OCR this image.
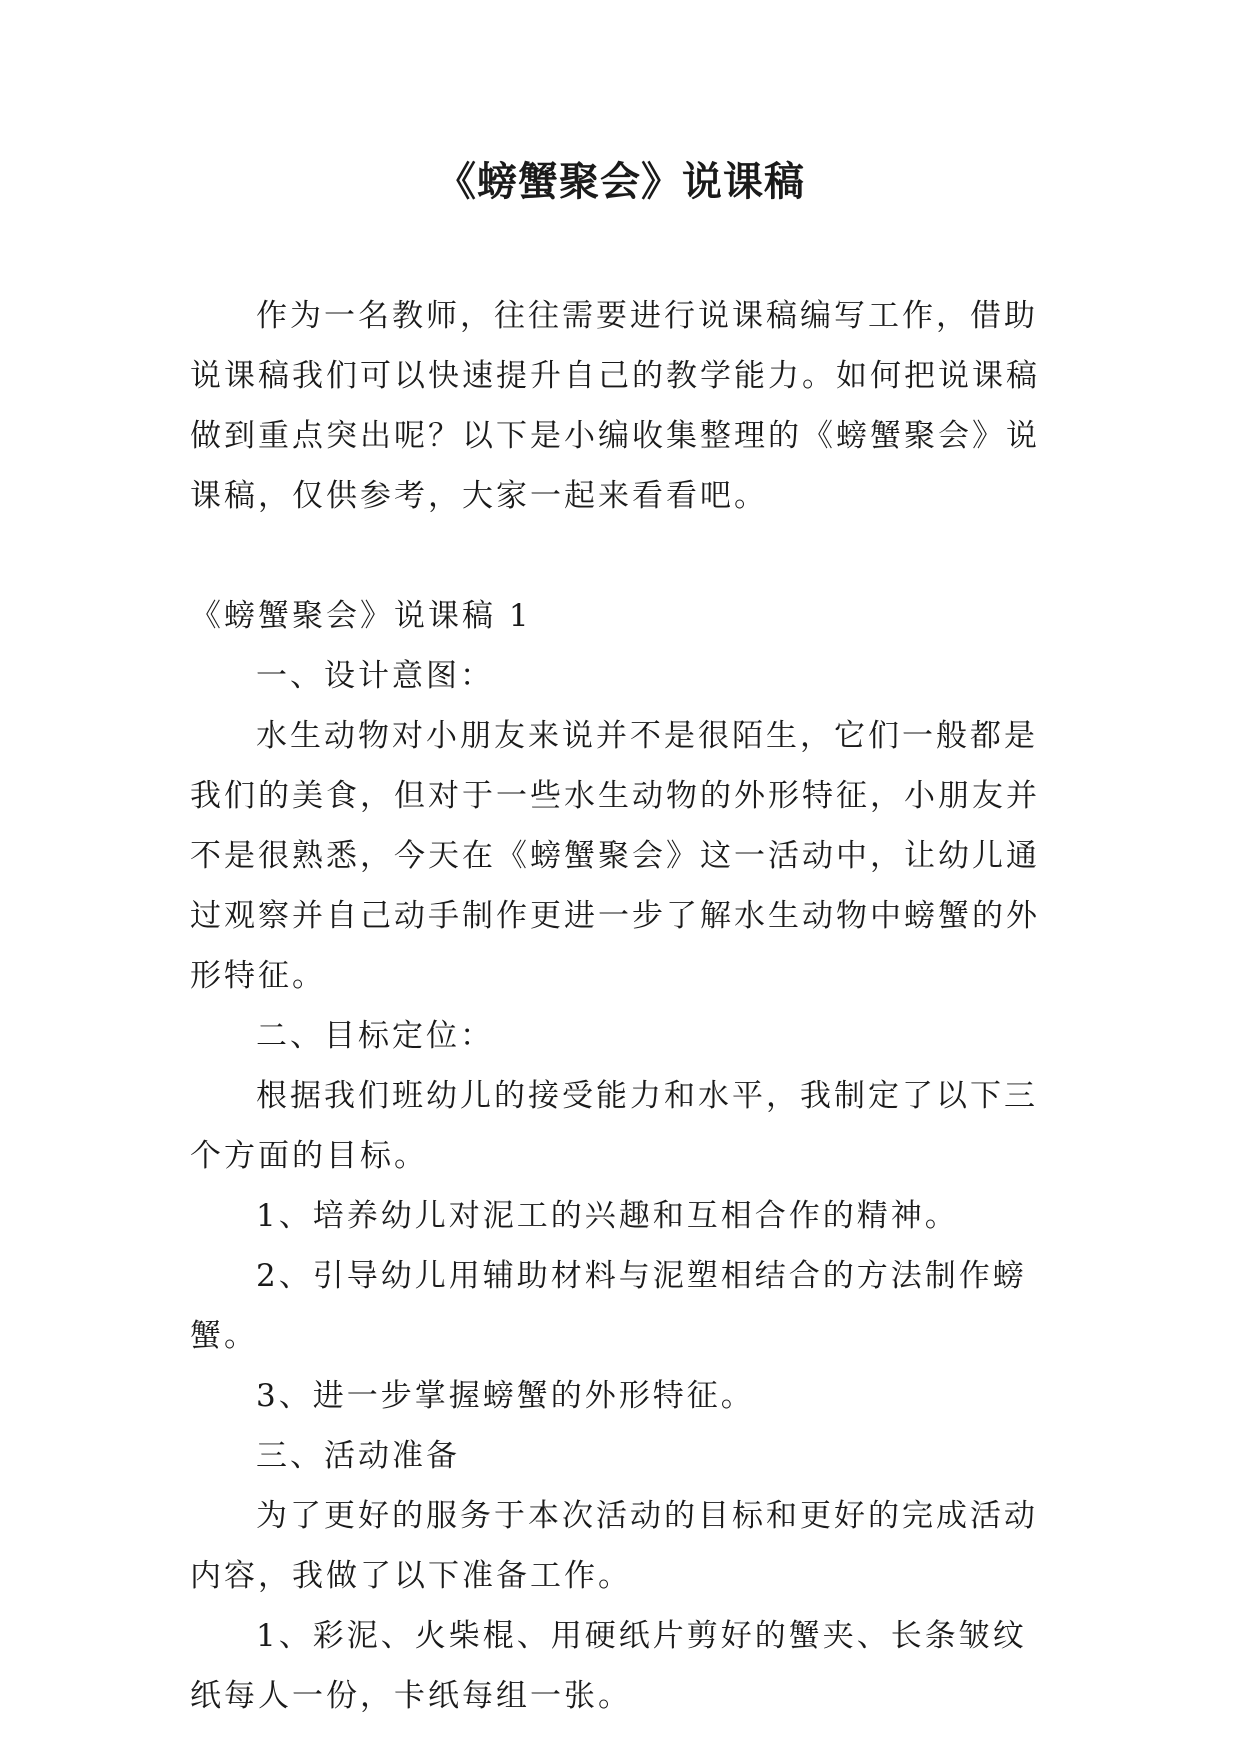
《螃蟹聚会》说课稿

作为一名教师，往往需要进行说课稿编写工作，借助说课稿我们可以快速提升自己的教学能力。如何把说课稿做到重点突出呢？以下是小编收集整理的《螃蟹聚会》说课稿，仅供参考，大家一起来看看吧。

《螃蟹聚会》说课稿 1

一、设计意图：

水生动物对小朋友来说并不是很陌生，它们一般都是我们的美食，但对于一些水生动物的外形特征，小朋友并不是很熟悉，今天在《螃蟹聚会》这一活动中，让幼儿通过观察并自己动手制作更进一步了解水生动物中螃蟹的外形特征。

二、目标定位：

根据我们班幼儿的接受能力和水平，我制定了以下三个方面的目标。

1、培养幼儿对泥工的兴趣和互相合作的精神。

2、引导幼儿用辅助材料与泥塑相结合的方法制作螃蟹。

3、进一步掌握螃蟹的外形特征。

三、活动准备

为了更好的服务于本次活动的目标和更好的完成活动内容，我做了以下准备工作。

1、彩泥、火柴棍、用硬纸片剪好的蟹夹、长条皱纹纸每人一份，卡纸每组一张。
